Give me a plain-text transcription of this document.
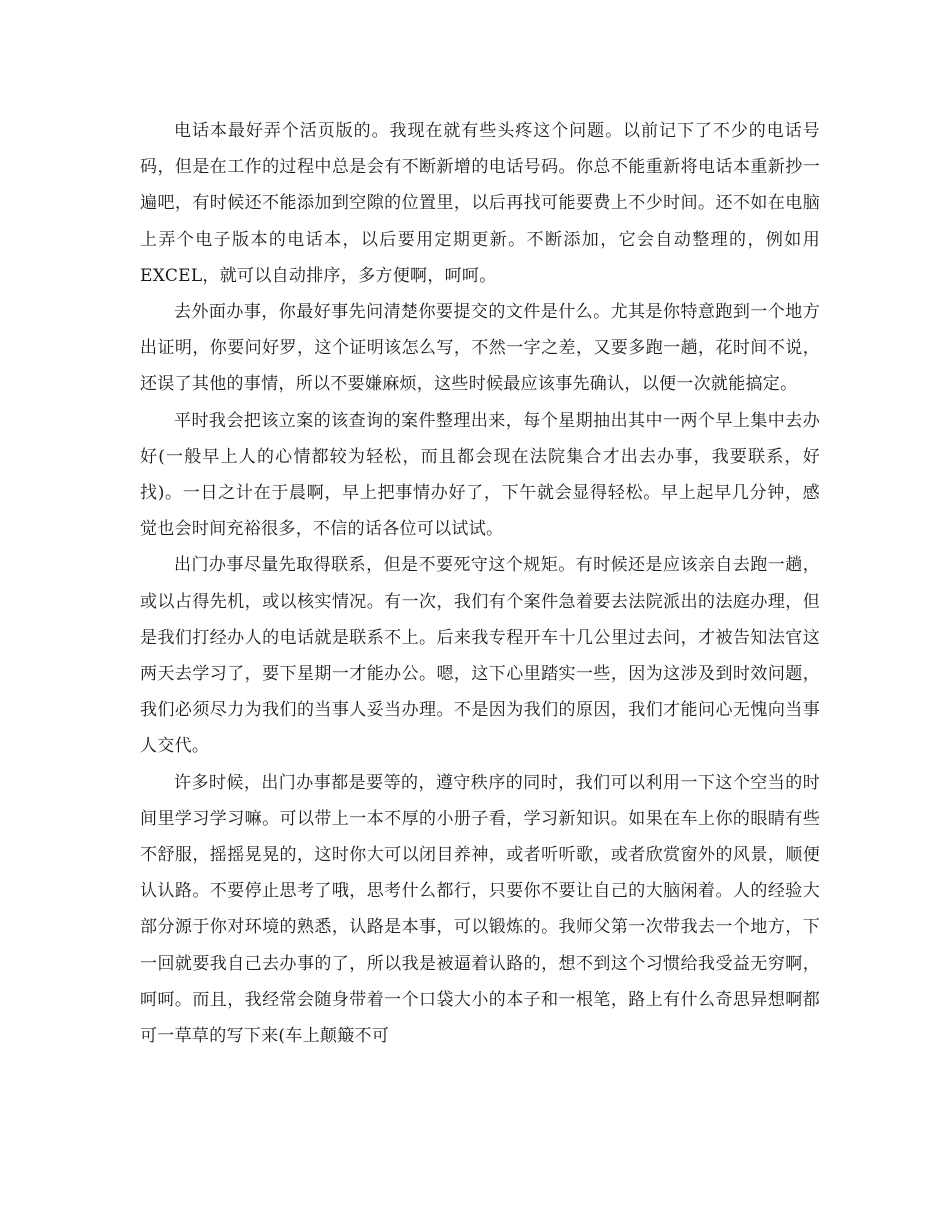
电话本最好弄个活页版的。我现在就有些头疼这个问题。以前记下了不少的电话号码，但是在工作的过程中总是会有不断新增的电话号码。你总不能重新将电话本重新抄一遍吧，有时候还不能添加到空隙的位置里，以后再找可能要费上不少时间。还不如在电脑上弄个电子版本的电话本，以后要用定期更新。不断添加，它会自动整理的，例如用EXCEL，就可以自动排序，多方便啊，呵呵。

去外面办事，你最好事先问清楚你要提交的文件是什么。尤其是你特意跑到一个地方出证明，你要问好罗，这个证明该怎么写，不然一字之差，又要多跑一趟，花时间不说，还误了其他的事情，所以不要嫌麻烦，这些时候最应该事先确认，以便一次就能搞定。

平时我会把该立案的该查询的案件整理出来，每个星期抽出其中一两个早上集中去办好(一般早上人的心情都较为轻松，而且都会现在法院集合才出去办事，我要联系，好找)。一日之计在于晨啊，早上把事情办好了，下午就会显得轻松。早上起早几分钟，感觉也会时间充裕很多，不信的话各位可以试试。

出门办事尽量先取得联系，但是不要死守这个规矩。有时候还是应该亲自去跑一趟，或以占得先机，或以核实情况。有一次，我们有个案件急着要去法院派出的法庭办理，但是我们打经办人的电话就是联系不上。后来我专程开车十几公里过去问，才被告知法官这两天去学习了，要下星期一才能办公。嗯，这下心里踏实一些，因为这涉及到时效问题，我们必须尽力为我们的当事人妥当办理。不是因为我们的原因，我们才能问心无愧向当事人交代。

许多时候，出门办事都是要等的，遵守秩序的同时，我们可以利用一下这个空当的时间里学习学习嘛。可以带上一本不厚的小册子看，学习新知识。如果在车上你的眼睛有些不舒服，摇摇晃晃的，这时你大可以闭目养神，或者听听歌，或者欣赏窗外的风景，顺便认认路。不要停止思考了哦，思考什么都行，只要你不要让自己的大脑闲着。人的经验大部分源于你对环境的熟悉，认路是本事，可以锻炼的。我师父第一次带我去一个地方，下一回就要我自己去办事的了，所以我是被逼着认路的，想不到这个习惯给我受益无穷啊，呵呵。而且，我经常会随身带着一个口袋大小的本子和一根笔，路上有什么奇思异想啊都可一草草的写下来(车上颠簸不可
